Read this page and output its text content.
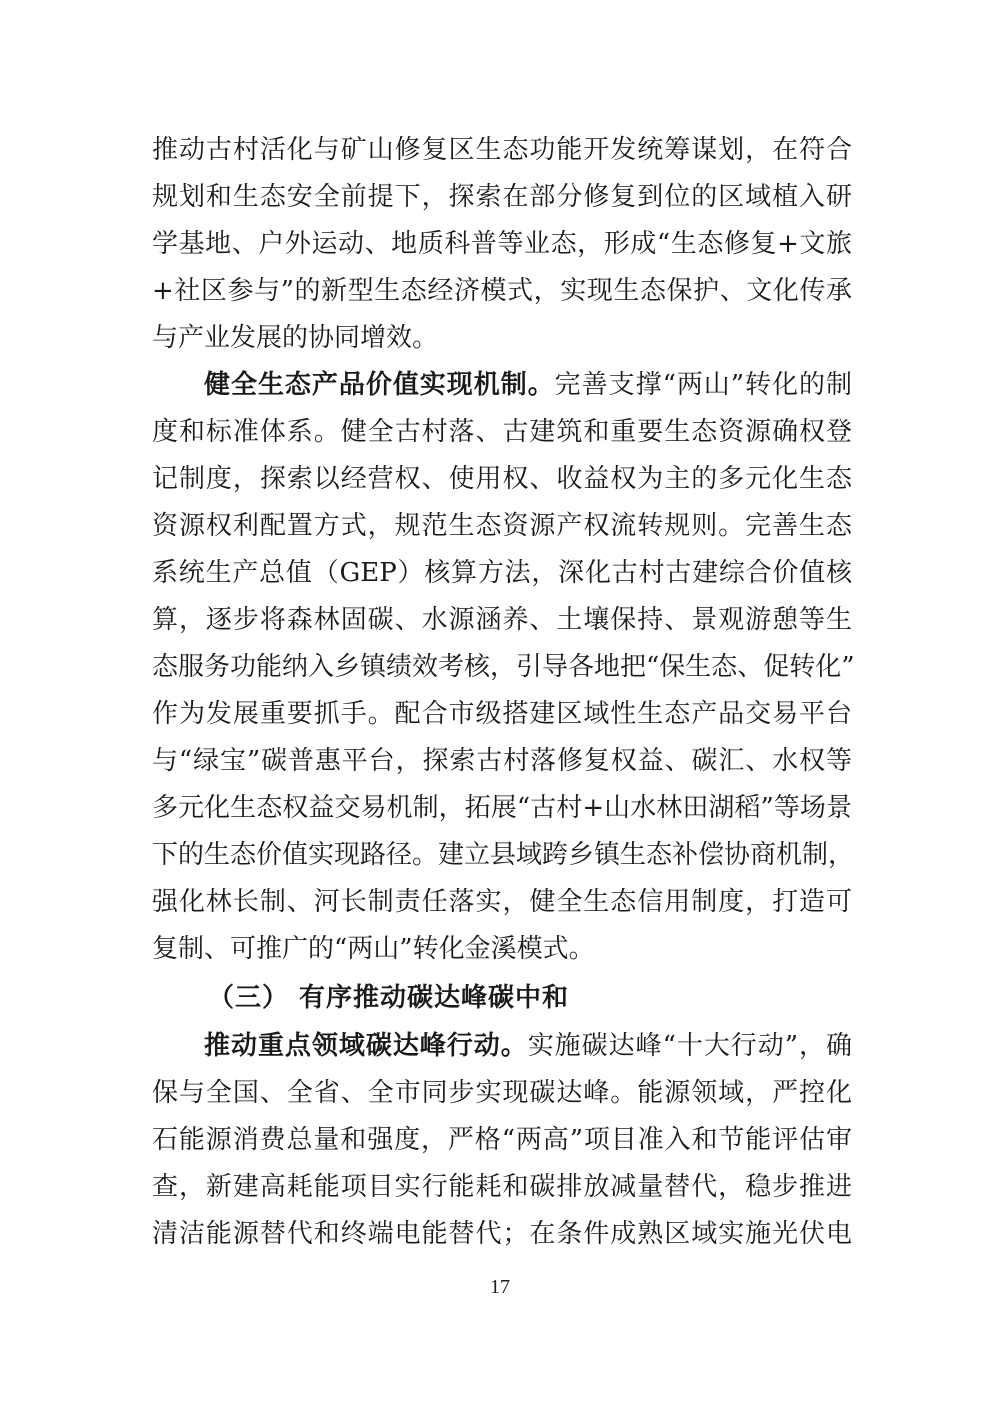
推动古村活化与矿山修复区生态功能开发统筹谋划，在符合
规划和生态安全前提下，探索在部分修复到位的区域植入研
学基地、户外运动、地质科普等业态，形成“生态修复+文旅
+社区参与”的新型生态经济模式，实现生态保护、文化传承
与产业发展的协同增效。
健全生态产品价值实现机制。完善支撑“两山”转化的制
度和标准体系。健全古村落、古建筑和重要生态资源确权登
记制度，探索以经营权、使用权、收益权为主的多元化生态
资源权利配置方式，规范生态资源产权流转规则。完善生态
系统生产总值（GEP）核算方法，深化古村古建综合价值核
算，逐步将森林固碳、水源涵养、土壤保持、景观游憩等生
态服务功能纳入乡镇绩效考核，引导各地把“保生态、促转化”
作为发展重要抓手。配合市级搭建区域性生态产品交易平台
与“绿宝”碳普惠平台，探索古村落修复权益、碳汇、水权等
多元化生态权益交易机制，拓展“古村+山水林田湖稻”等场景
下的生态价值实现路径。建立县域跨乡镇生态补偿协商机制，
强化林长制、河长制责任落实，健全生态信用制度，打造可
复制、可推广的“两山”转化金溪模式。
（三） 有序推动碳达峰碳中和
推动重点领域碳达峰行动。实施碳达峰“十大行动”，确
保与全国、全省、全市同步实现碳达峰。能源领域，严控化
石能源消费总量和强度，严格“两高”项目准入和节能评估审
查，新建高耗能项目实行能耗和碳排放减量替代，稳步推进
清洁能源替代和终端电能替代；在条件成熟区域实施光伏电
17
